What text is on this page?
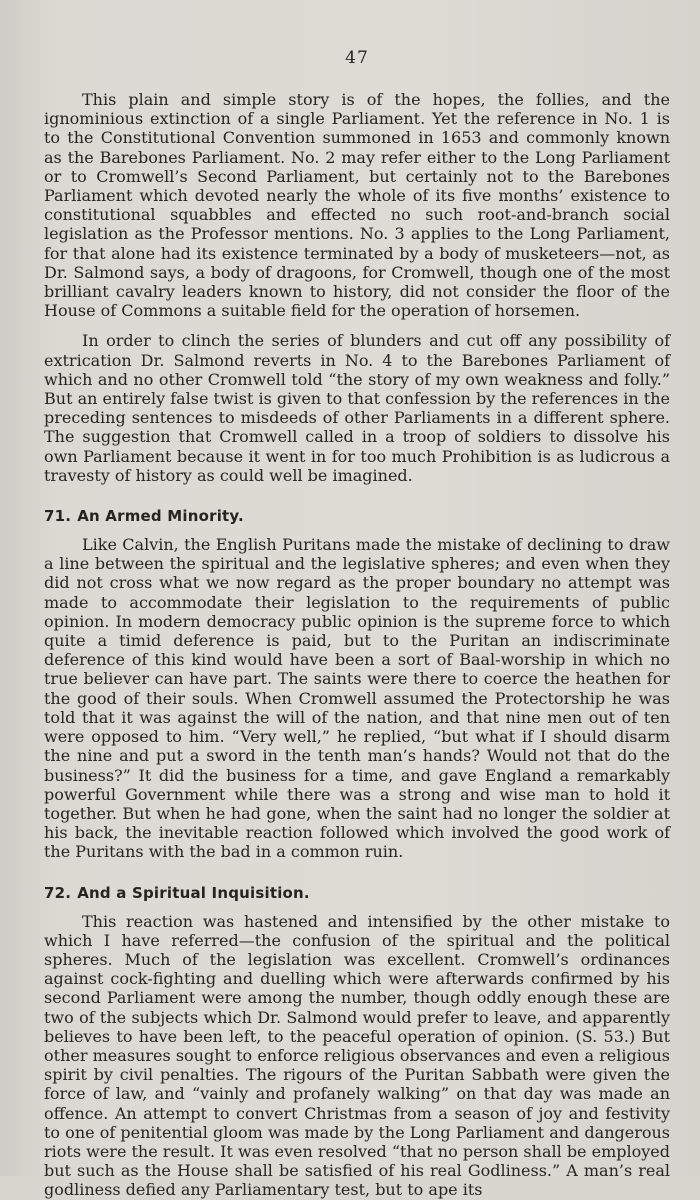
47

This plain and simple story is of the hopes, the follies, and the ignominious extinction of a single Parliament. Yet the reference in No. 1 is to the Constitutional Convention summoned in 1653 and commonly known as the Barebones Parliament. No. 2 may refer either to the Long Parliament or to Cromwell’s Second Parliament, but certainly not to the Barebones Parliament which devoted nearly the whole of its five months’ existence to constitutional squabbles and effected no such root-and-branch social legislation as the Professor mentions. No. 3 applies to the Long Parliament, for that alone had its existence terminated by a body of musketeers—not, as Dr. Salmond says, a body of dragoons, for Cromwell, though one of the most brilliant cavalry leaders known to history, did not consider the floor of the House of Commons a suitable field for the operation of horsemen.

In order to clinch the series of blunders and cut off any possibility of extrication Dr. Salmond reverts in No. 4 to the Barebones Parliament of which and no other Cromwell told “the story of my own weakness and folly.” But an entirely false twist is given to that confession by the references in the preceding sentences to misdeeds of other Parliaments in a different sphere. The suggestion that Cromwell called in a troop of soldiers to dissolve his own Parliament because it went in for too much Prohibition is as ludicrous a travesty of history as could well be imagined.

71. An Armed Minority.

Like Calvin, the English Puritans made the mistake of declining to draw a line between the spiritual and the legislative spheres; and even when they did not cross what we now regard as the proper boundary no attempt was made to accommodate their legislation to the requirements of public opinion. In modern democracy public opinion is the supreme force to which quite a timid deference is paid, but to the Puritan an indiscriminate deference of this kind would have been a sort of Baal-worship in which no true believer can have part. The saints were there to coerce the heathen for the good of their souls. When Cromwell assumed the Protectorship he was told that it was against the will of the nation, and that nine men out of ten were opposed to him. “Very well,” he replied, “but what if I should disarm the nine and put a sword in the tenth man’s hands? Would not that do the business?” It did the business for a time, and gave England a remarkably powerful Government while there was a strong and wise man to hold it together. But when he had gone, when the saint had no longer the soldier at his back, the inevitable reaction followed which involved the good work of the Puritans with the bad in a common ruin.

72. And a Spiritual Inquisition.

This reaction was hastened and intensified by the other mistake to which I have referred—the confusion of the spiritual and the political spheres. Much of the legislation was excellent. Cromwell’s ordinances against cock-fighting and duelling which were afterwards confirmed by his second Parliament were among the number, though oddly enough these are two of the subjects which Dr. Salmond would prefer to leave, and apparently believes to have been left, to the peaceful operation of opinion. (S. 53.) But other measures sought to enforce religious observances and even a religious spirit by civil penalties. The rigours of the Puritan Sabbath were given the force of law, and “vainly and profanely walking” on that day was made an offence. An attempt to convert Christmas from a season of joy and festivity to one of penitential gloom was made by the Long Parliament and dangerous riots were the result. It was even resolved “that no person shall be employed but such as the House shall be satisfied of his real Godliness.” A man’s real godliness defied any Parliamentary test, but to ape its
